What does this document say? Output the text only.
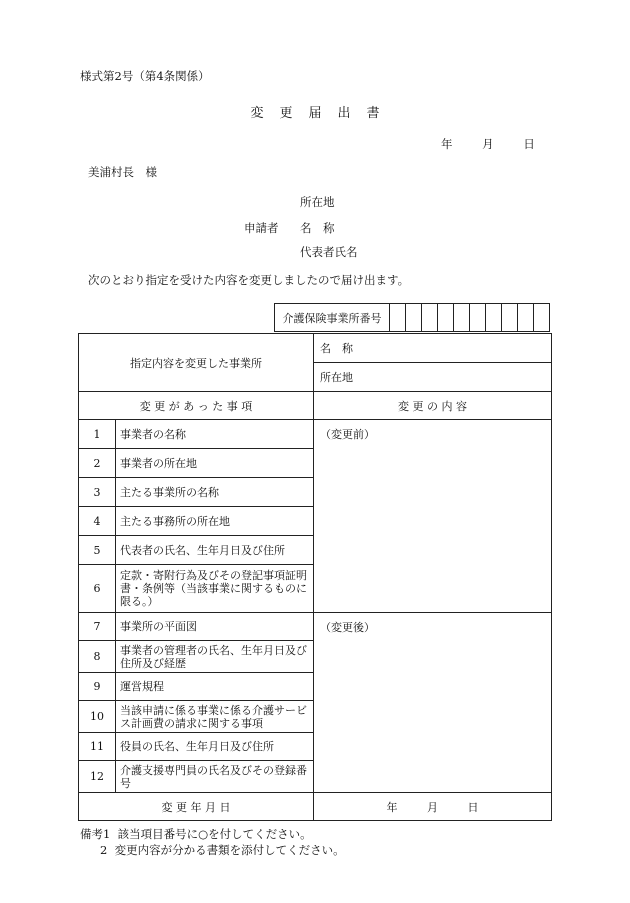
様式第2号（第4条関係）
変 更 届 出 書
年	月	日
美浦村長　様
所在地
申請者 名　称
代表者氏名
次のとおり指定を受けた内容を変更しましたので届け出ます。
介護保険事業所番号										
指定内容を変更した事業所		名　称
		所在地
変 更 が あ っ た 事 項		変 更 の 内 容
1	事業者の名称	（変更前）
2	事業者の所在地	
3	主たる事業所の名称	
4	主たる事務所の所在地	
5	代表者の氏名、生年月日及び住所	
6	定款・寄附行為及びその登記事項証明書・条例等（当該事業に関するものに限る。）	
7	事業所の平面図	（変更後）
8	事業者の管理者の氏名、生年月日及び住所及び経歴	
9	運営規程	
10	当該申請に係る事業に係る介護サービス計画費の請求に関する事項	
11	役員の氏名、生年月日及び住所	
12	介護支援専門員の氏名及びその登録番号	
変 更 年 月 日		年 月 日
備考1 該当項目番号に○を付してください。
2 変更内容が分かる書類を添付してください。
